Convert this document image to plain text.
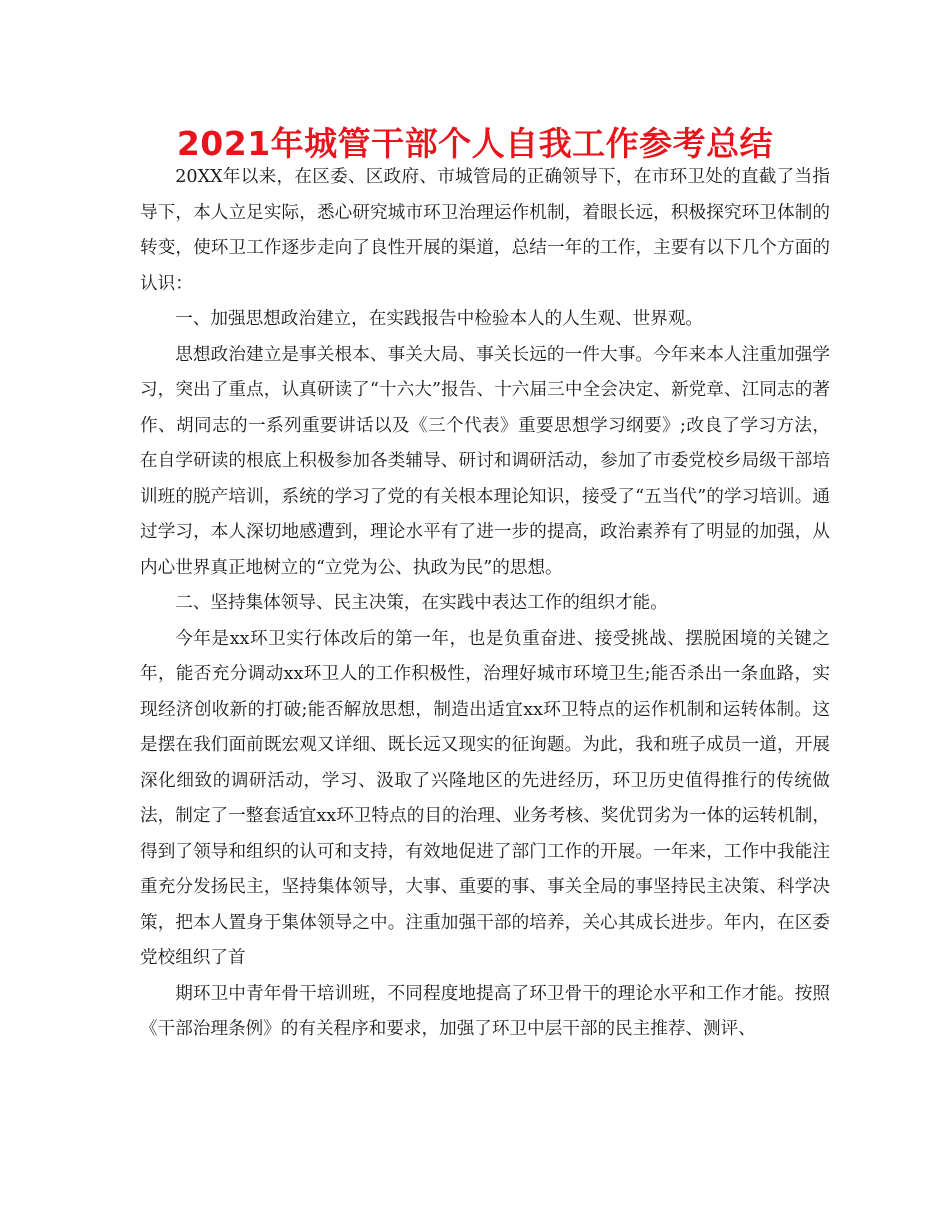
2021年城管干部个人自我工作参考总结

20XX年以来，在区委、区政府、市城管局的正确领导下，在市环卫处的直截了当指导下，本人立足实际，悉心研究城市环卫治理运作机制，着眼长远，积极探究环卫体制的转变，使环卫工作逐步走向了良性开展的渠道，总结一年的工作，主要有以下几个方面的认识：

一、加强思想政治建立，在实践报告中检验本人的人生观、世界观。

思想政治建立是事关根本、事关大局、事关长远的一件大事。今年来本人注重加强学习，突出了重点，认真研读了“十六大”报告、十六届三中全会决定、新党章、江同志的著作、胡同志的一系列重要讲话以及《三个代表》重要思想学习纲要》;改良了学习方法，在自学研读的根底上积极参加各类辅导、研讨和调研活动，参加了市委党校乡局级干部培训班的脱产培训，系统的学习了党的有关根本理论知识，接受了“五当代”的学习培训。通过学习，本人深切地感遭到，理论水平有了进一步的提高，政治素养有了明显的加强，从内心世界真正地树立的“立党为公、执政为民”的思想。

二、坚持集体领导、民主决策，在实践中表达工作的组织才能。

今年是xx环卫实行体改后的第一年，也是负重奋进、接受挑战、摆脱困境的关键之年，能否充分调动xx环卫人的工作积极性，治理好城市环境卫生;能否杀出一条血路，实现经济创收新的打破;能否解放思想，制造出适宜xx环卫特点的运作机制和运转体制。这是摆在我们面前既宏观又详细、既长远又现实的征询题。为此，我和班子成员一道，开展深化细致的调研活动，学习、汲取了兴隆地区的先进经历，环卫历史值得推行的传统做法，制定了一整套适宜xx环卫特点的目的治理、业务考核、奖优罚劣为一体的运转机制，得到了领导和组织的认可和支持，有效地促进了部门工作的开展。一年来，工作中我能注重充分发扬民主，坚持集体领导，大事、重要的事、事关全局的事坚持民主决策、科学决策，把本人置身于集体领导之中。注重加强干部的培养，关心其成长进步。年内，在区委党校组织了首

期环卫中青年骨干培训班，不同程度地提高了环卫骨干的理论水平和工作才能。按照《干部治理条例》的有关程序和要求，加强了环卫中层干部的民主推荐、测评、
